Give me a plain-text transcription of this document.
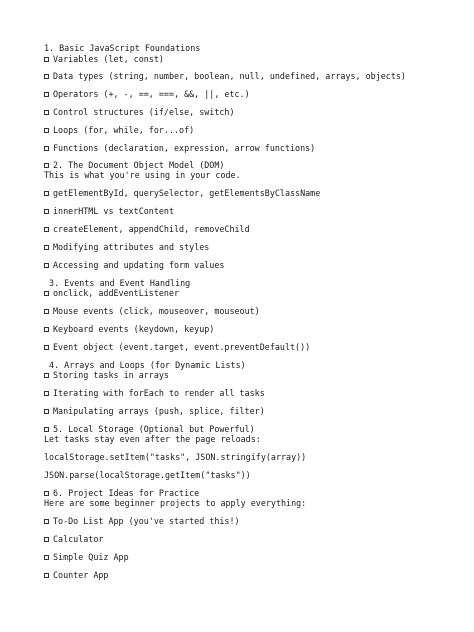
1. Basic JavaScript Foundations
Variables (let, const)
Data types (string, number, boolean, null, undefined, arrays, objects)
Operators (+, -, ==, ===, &&, ||, etc.)
Control structures (if/else, switch)
Loops (for, while, for...of)
Functions (declaration, expression, arrow functions)
2. The Document Object Model (DOM)
This is what you're using in your code.
getElementById, querySelector, getElementsByClassName
innerHTML vs textContent
createElement, appendChild, removeChild
Modifying attributes and styles
Accessing and updating form values
3. Events and Event Handling
onclick, addEventListener
Mouse events (click, mouseover, mouseout)
Keyboard events (keydown, keyup)
Event object (event.target, event.preventDefault())
4. Arrays and Loops (for Dynamic Lists)
Storing tasks in arrays
Iterating with forEach to render all tasks
Manipulating arrays (push, splice, filter)
5. Local Storage (Optional but Powerful)
Let tasks stay even after the page reloads:
localStorage.setItem("tasks", JSON.stringify(array))
JSON.parse(localStorage.getItem("tasks"))
6. Project Ideas for Practice
Here are some beginner projects to apply everything:
To-Do List App (you've started this!)
Calculator
Simple Quiz App
Counter App
